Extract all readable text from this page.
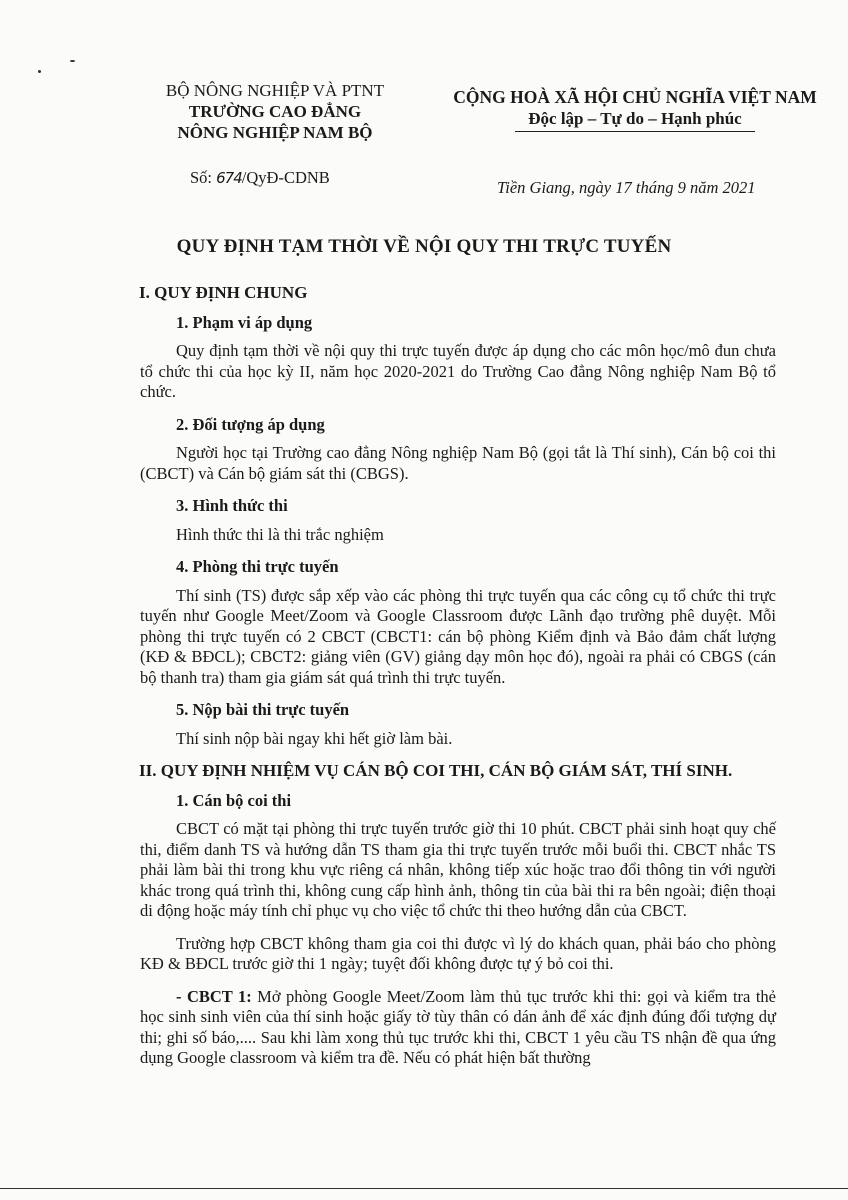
BỘ NÔNG NGHIỆP VÀ PTNT
TRƯỜNG CAO ĐẲNG
NÔNG NGHIỆP NAM BỘ
CỘNG HOÀ XÃ HỘI CHỦ NGHĨA VIỆT NAM
Độc lập – Tự do – Hạnh phúc
Số: 674/QyĐ-CDNB
Tiền Giang, ngày 17 tháng 9 năm 2021
QUY ĐỊNH TẠM THỜI VỀ NỘI QUY THI TRỰC TUYẾN
I. QUY ĐỊNH CHUNG
1. Phạm vi áp dụng
Quy định tạm thời về nội quy thi trực tuyến được áp dụng cho các môn học/mô đun chưa tổ chức thi của học kỳ II, năm học 2020-2021 do Trường Cao đẳng Nông nghiệp Nam Bộ tổ chức.
2. Đối tượng áp dụng
Người học tại Trường cao đẳng Nông nghiệp Nam Bộ (gọi tắt là Thí sinh), Cán bộ coi thi (CBCT) và Cán bộ giám sát thi (CBGS).
3. Hình thức thi
Hình thức thi là thi trắc nghiệm
4. Phòng thi trực tuyến
Thí sinh (TS) được sắp xếp vào các phòng thi trực tuyến qua các công cụ tổ chức thi trực tuyến như Google Meet/Zoom và Google Classroom được Lãnh đạo trường phê duyệt. Mỗi phòng thi trực tuyến có 2 CBCT (CBCT1: cán bộ phòng Kiểm định và Bảo đảm chất lượng (KĐ & BĐCL); CBCT2: giảng viên (GV) giảng dạy môn học đó), ngoài ra phải có CBGS (cán bộ thanh tra) tham gia giám sát quá trình thi trực tuyến.
5. Nộp bài thi trực tuyến
Thí sinh nộp bài ngay khi hết giờ làm bài.
II. QUY ĐỊNH NHIỆM VỤ CÁN BỘ COI THI, CÁN BỘ GIÁM SÁT, THÍ SINH.
1. Cán bộ coi thi
CBCT có mặt tại phòng thi trực tuyến trước giờ thi 10 phút. CBCT phải sinh hoạt quy chế thi, điểm danh TS và hướng dẫn TS tham gia thi trực tuyến trước mỗi buổi thi. CBCT nhắc TS phải làm bài thi trong khu vực riêng cá nhân, không tiếp xúc hoặc trao đổi thông tin với người khác trong quá trình thi, không cung cấp hình ảnh, thông tin của bài thi ra bên ngoài; điện thoại di động hoặc máy tính chỉ phục vụ cho việc tổ chức thi theo hướng dẫn của CBCT.
Trường hợp CBCT không tham gia coi thi được vì lý do khách quan, phải báo cho phòng KĐ & BĐCL trước giờ thi 1 ngày; tuyệt đối không được tự ý bỏ coi thi.
- CBCT 1: Mở phòng Google Meet/Zoom làm thủ tục trước khi thi: gọi và kiểm tra thẻ học sinh sinh viên của thí sinh hoặc giấy tờ tùy thân có dán ảnh để xác định đúng đối tượng dự thi; ghi số báo,.... Sau khi làm xong thủ tục trước khi thi, CBCT 1 yêu cầu TS nhận đề qua ứng dụng Google classroom và kiểm tra đề. Nếu có phát hiện bất thường
